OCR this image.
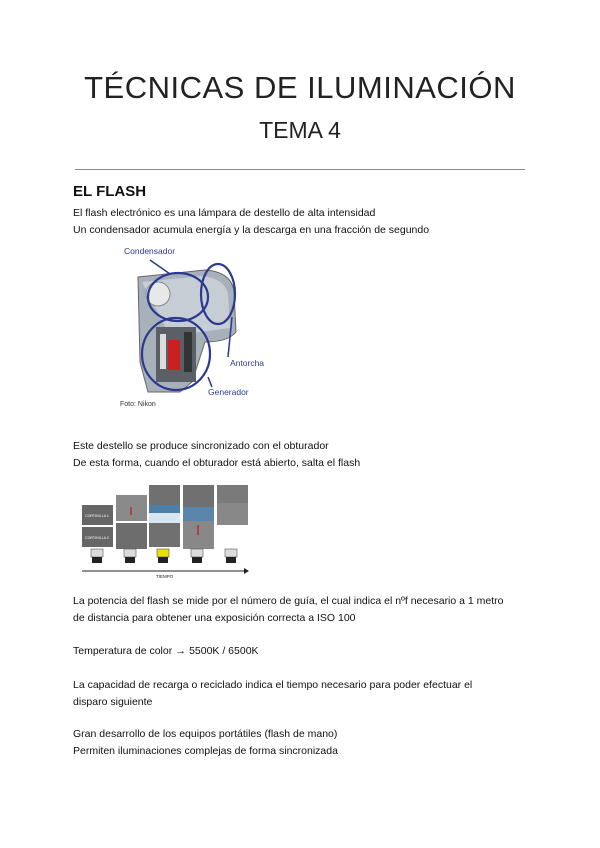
TÉCNICAS DE ILUMINACIÓN
TEMA 4
EL FLASH
El flash electrónico es una lámpara de destello de alta intensidad
Un condensador acumula energía y la descarga en una fracción de segundo
Condensador
Antorcha
Generador
Foto: Nikon
Este destello se produce sincronizado con el obturador
De esta forma, cuando el obturador está abierto, salta el flash
CORTINILLA 1
CORTINILLA 2
TIEMPO
La potencia del flash se mide por el número de guía, el cual indica el nºf necesario a 1 metro
de distancia para obtener una exposición correcta a ISO 100
Temperatura de color → 5500K / 6500K
La capacidad de recarga o reciclado indica el tiempo necesario para poder efectuar el
disparo siguiente
Gran desarrollo de los equipos portátiles (flash de mano)
Permiten iluminaciones complejas de forma sincronizada
